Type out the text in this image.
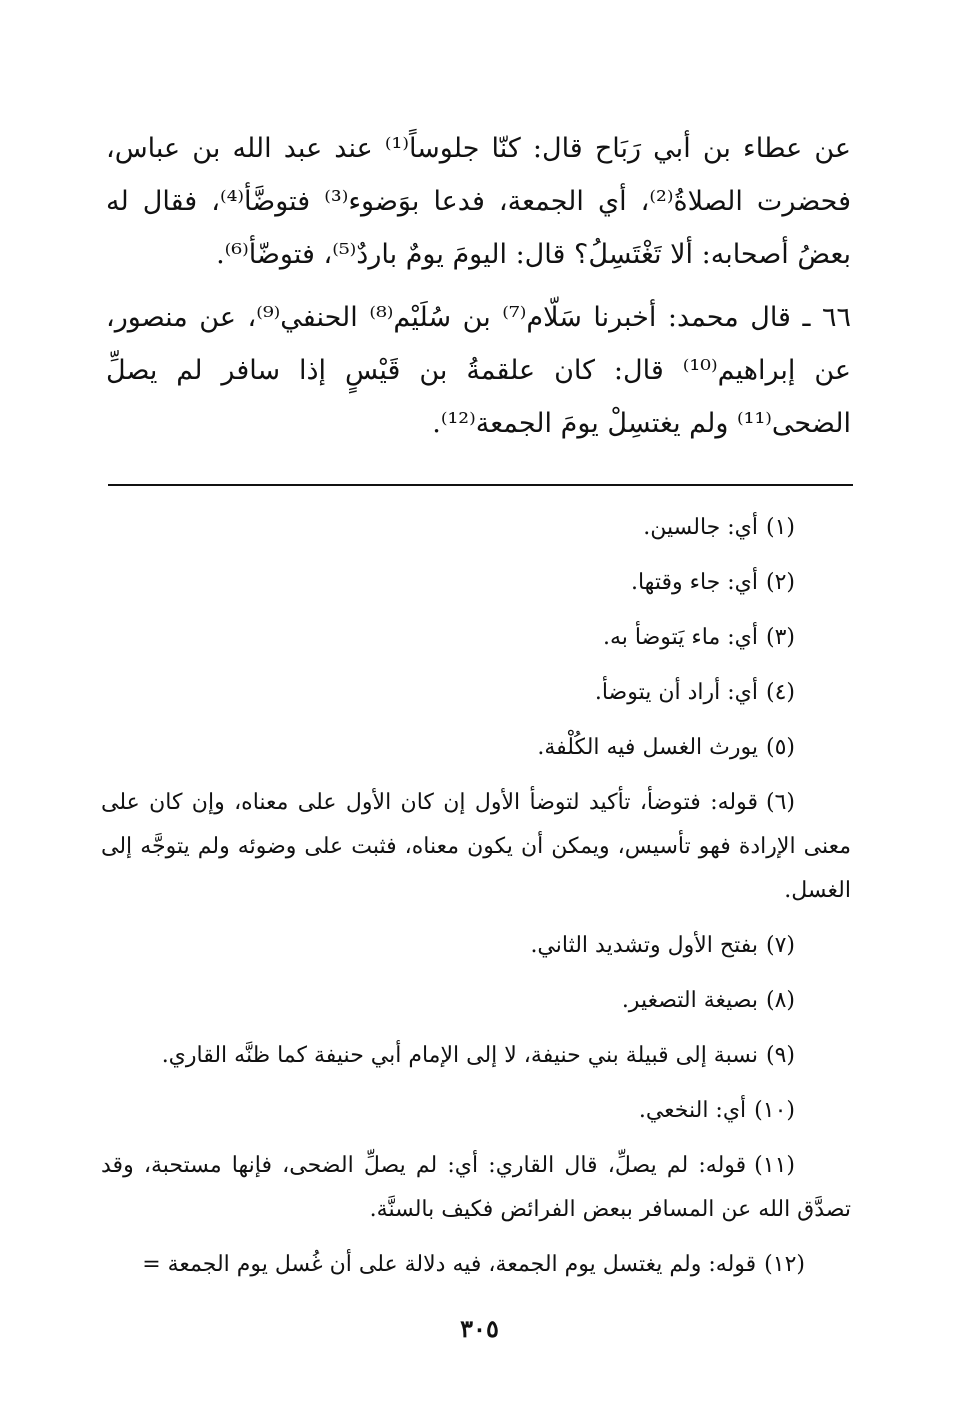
عن عطاء بن أبي رَبَاح قال: كنّا جلوساً⁽¹⁾ عند عبد الله بن عباس، فحضرت الصلاةُ⁽²⁾، أي الجمعة، فدعا بوَضوء⁽³⁾ فتوضَّأ⁽⁴⁾، فقال له بعضُ أصحابه: ألا تَغْتَسِلُ؟ قال: اليومَ يومٌ باردٌ⁽⁵⁾، فتوضّأ⁽⁶⁾.

٦٦ ـ قال محمد: أخبرنا سَلّام⁽⁷⁾ بن سُلَيْم⁽⁸⁾ الحنفي⁽⁹⁾، عن منصور، عن إبراهيم⁽¹⁰⁾ قال: كان علقمةُ بن قَيْسٍ إذا سافر لم يصلِّ الضحى⁽¹¹⁾ ولم يغتسِلْ يومَ الجمعة⁽¹²⁾.

(١)أي: جالسين.

(٢)أي: جاء وقتها.

(٣)أي: ماء يَتوضأ به.

(٤)أي: أراد أن يتوضأ.

(٥)يورث الغسل فيه الكُلْفة.

(٦)قوله: فتوضأ، تأكيد لتوضأ الأول إن كان الأول على معناه، وإن كان على معنى الإرادة فهو تأسيس، ويمكن أن يكون معناه، فثبت على وضوئه ولم يتوجَّه إلى الغسل.

(٧)بفتح الأول وتشديد الثاني.

(٨)بصيغة التصغير.

(٩)نسبة إلى قبيلة بني حنيفة، لا إلى الإمام أبي حنيفة كما ظنَّه القاري.

(١٠)أي: النخعي.

(١١)قوله: لم يصلِّ، قال القاري: أي: لم يصلِّ الضحى، فإنها مستحبة، وقد تصدَّق الله عن المسافر ببعض الفرائض فكيف بالسنَّة.

(١٢)قوله: ولم يغتسل يوم الجمعة، فيه دلالة على أن غُسل يوم الجمعة =

٣٠٥
